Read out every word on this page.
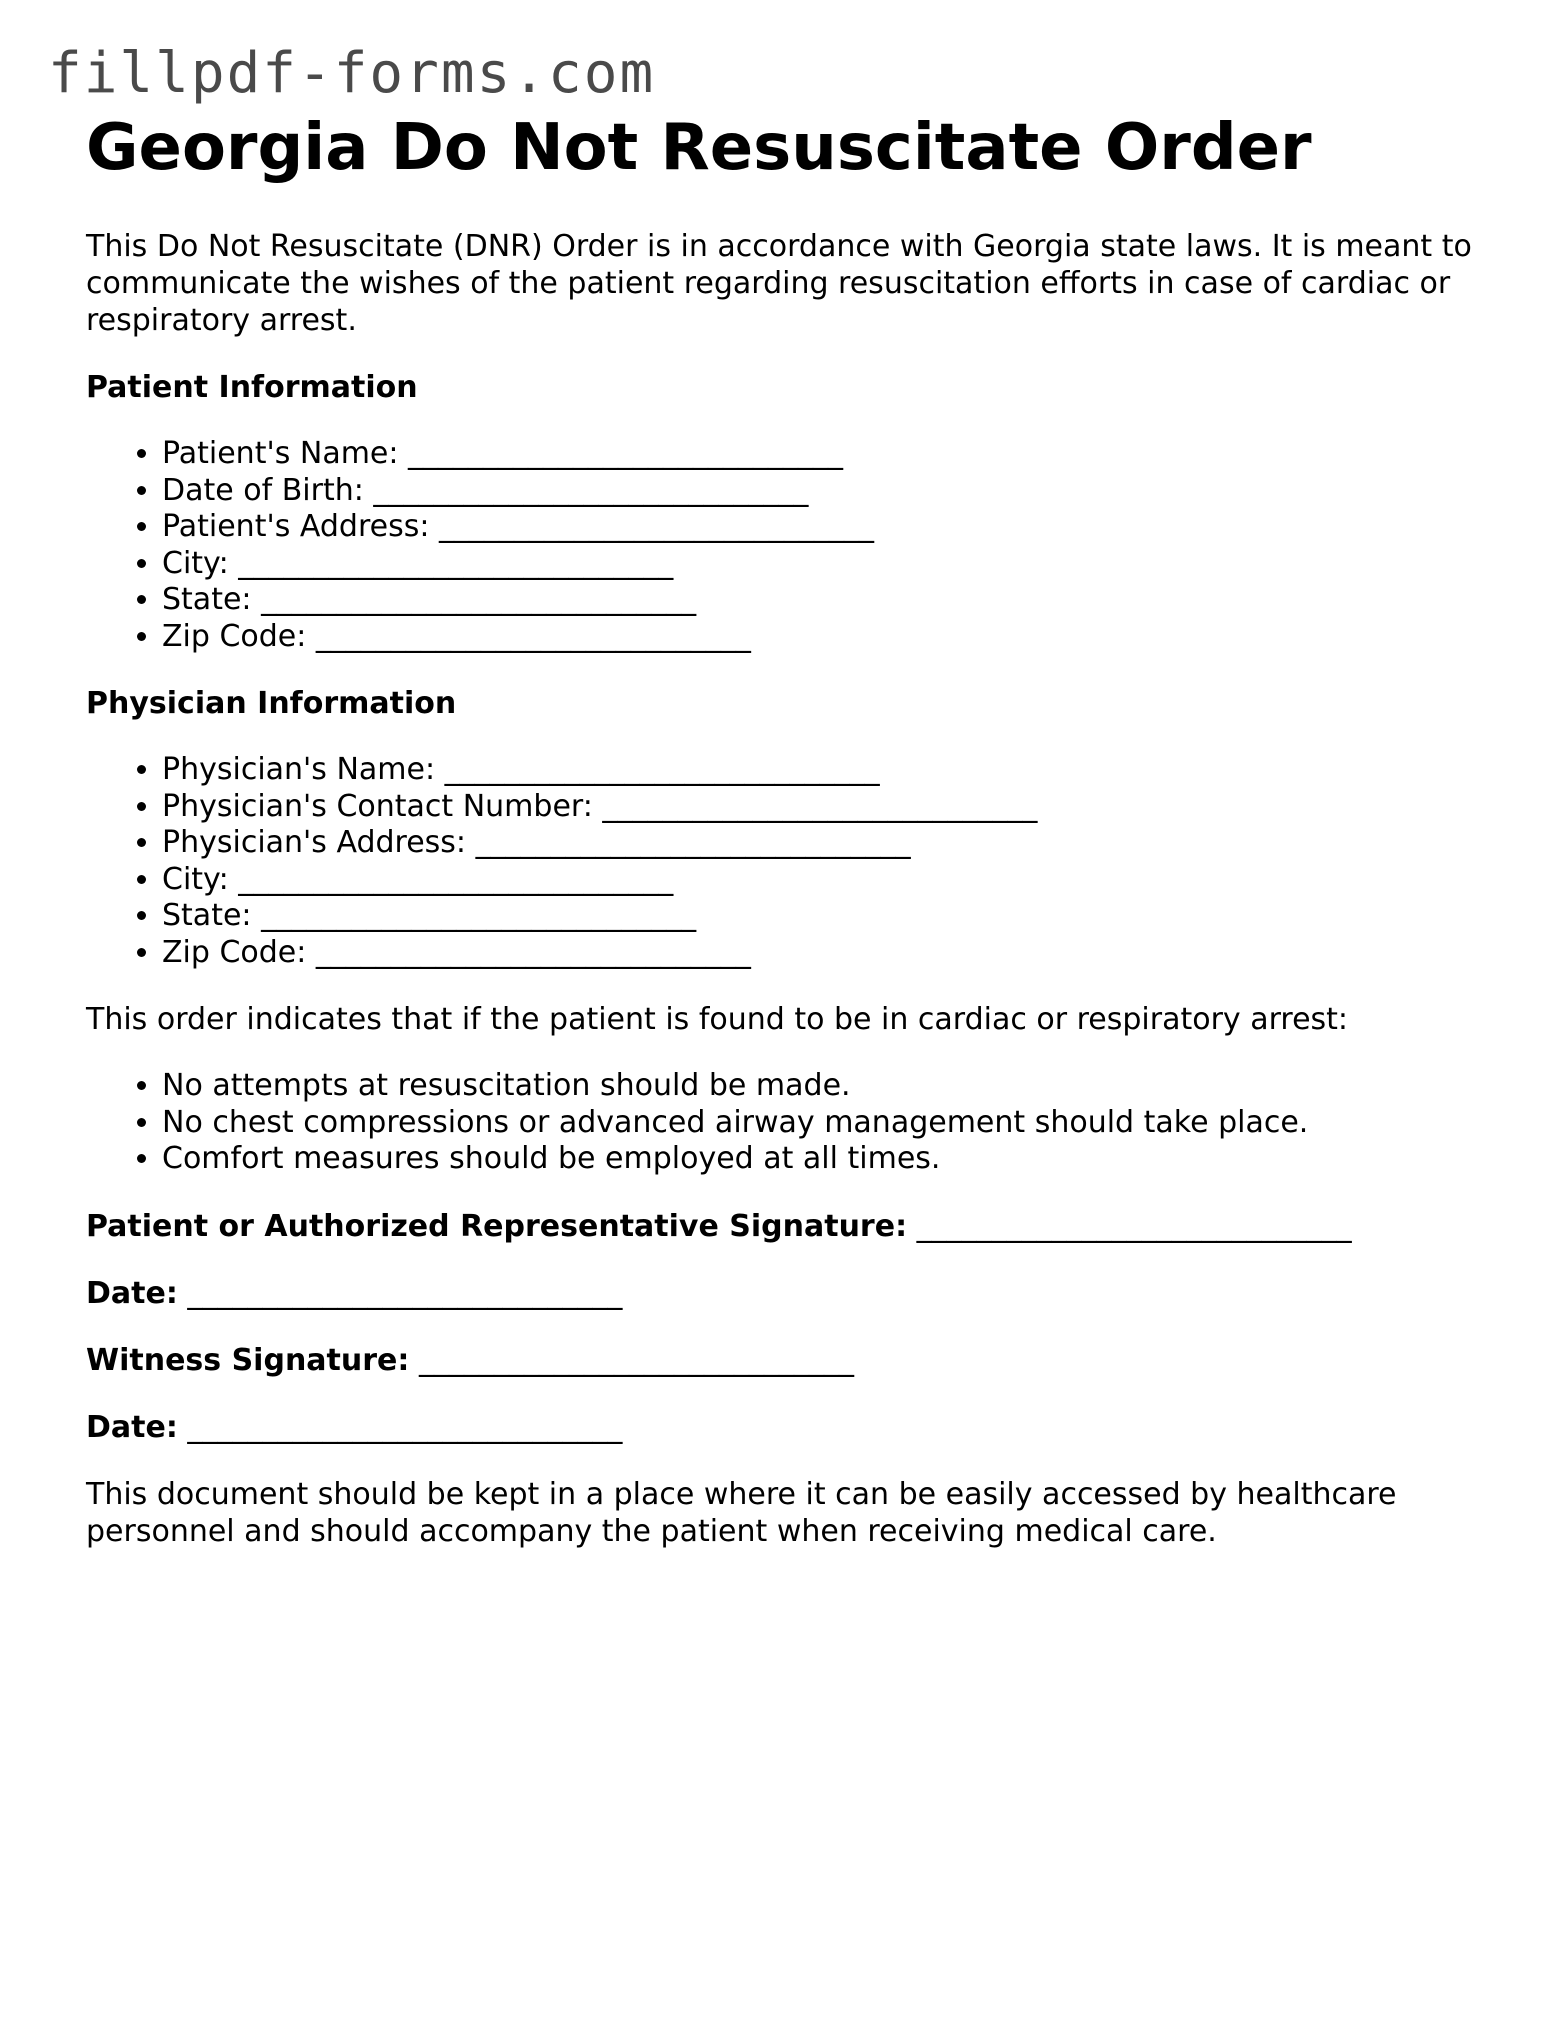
fillpdf-forms.com
Georgia Do Not Resuscitate Order

This Do Not Resuscitate (DNR) Order is in accordance with Georgia state laws. It is meant to communicate the wishes of the patient regarding resuscitation efforts in case of cardiac or respiratory arrest.

Patient Information
• Patient's Name: _____________________________
• Date of Birth: _____________________________
• Patient's Address: _____________________________
• City: _____________________________
• State: _____________________________
• Zip Code: _____________________________
Physician Information
• Physician's Name: _____________________________
• Physician's Contact Number: _____________________________
• Physician's Address: _____________________________
• City: _____________________________
• State: _____________________________
• Zip Code: _____________________________

This order indicates that if the patient is found to be in cardiac or respiratory arrest:

• No attempts at resuscitation should be made.
• No chest compressions or advanced airway management should take place.
• Comfort measures should be employed at all times.

Patient or Authorized Representative Signature: _____________________________

Date: _____________________________

Witness Signature: _____________________________

Date: _____________________________

This document should be kept in a place where it can be easily accessed by healthcare personnel and should accompany the patient when receiving medical care.
